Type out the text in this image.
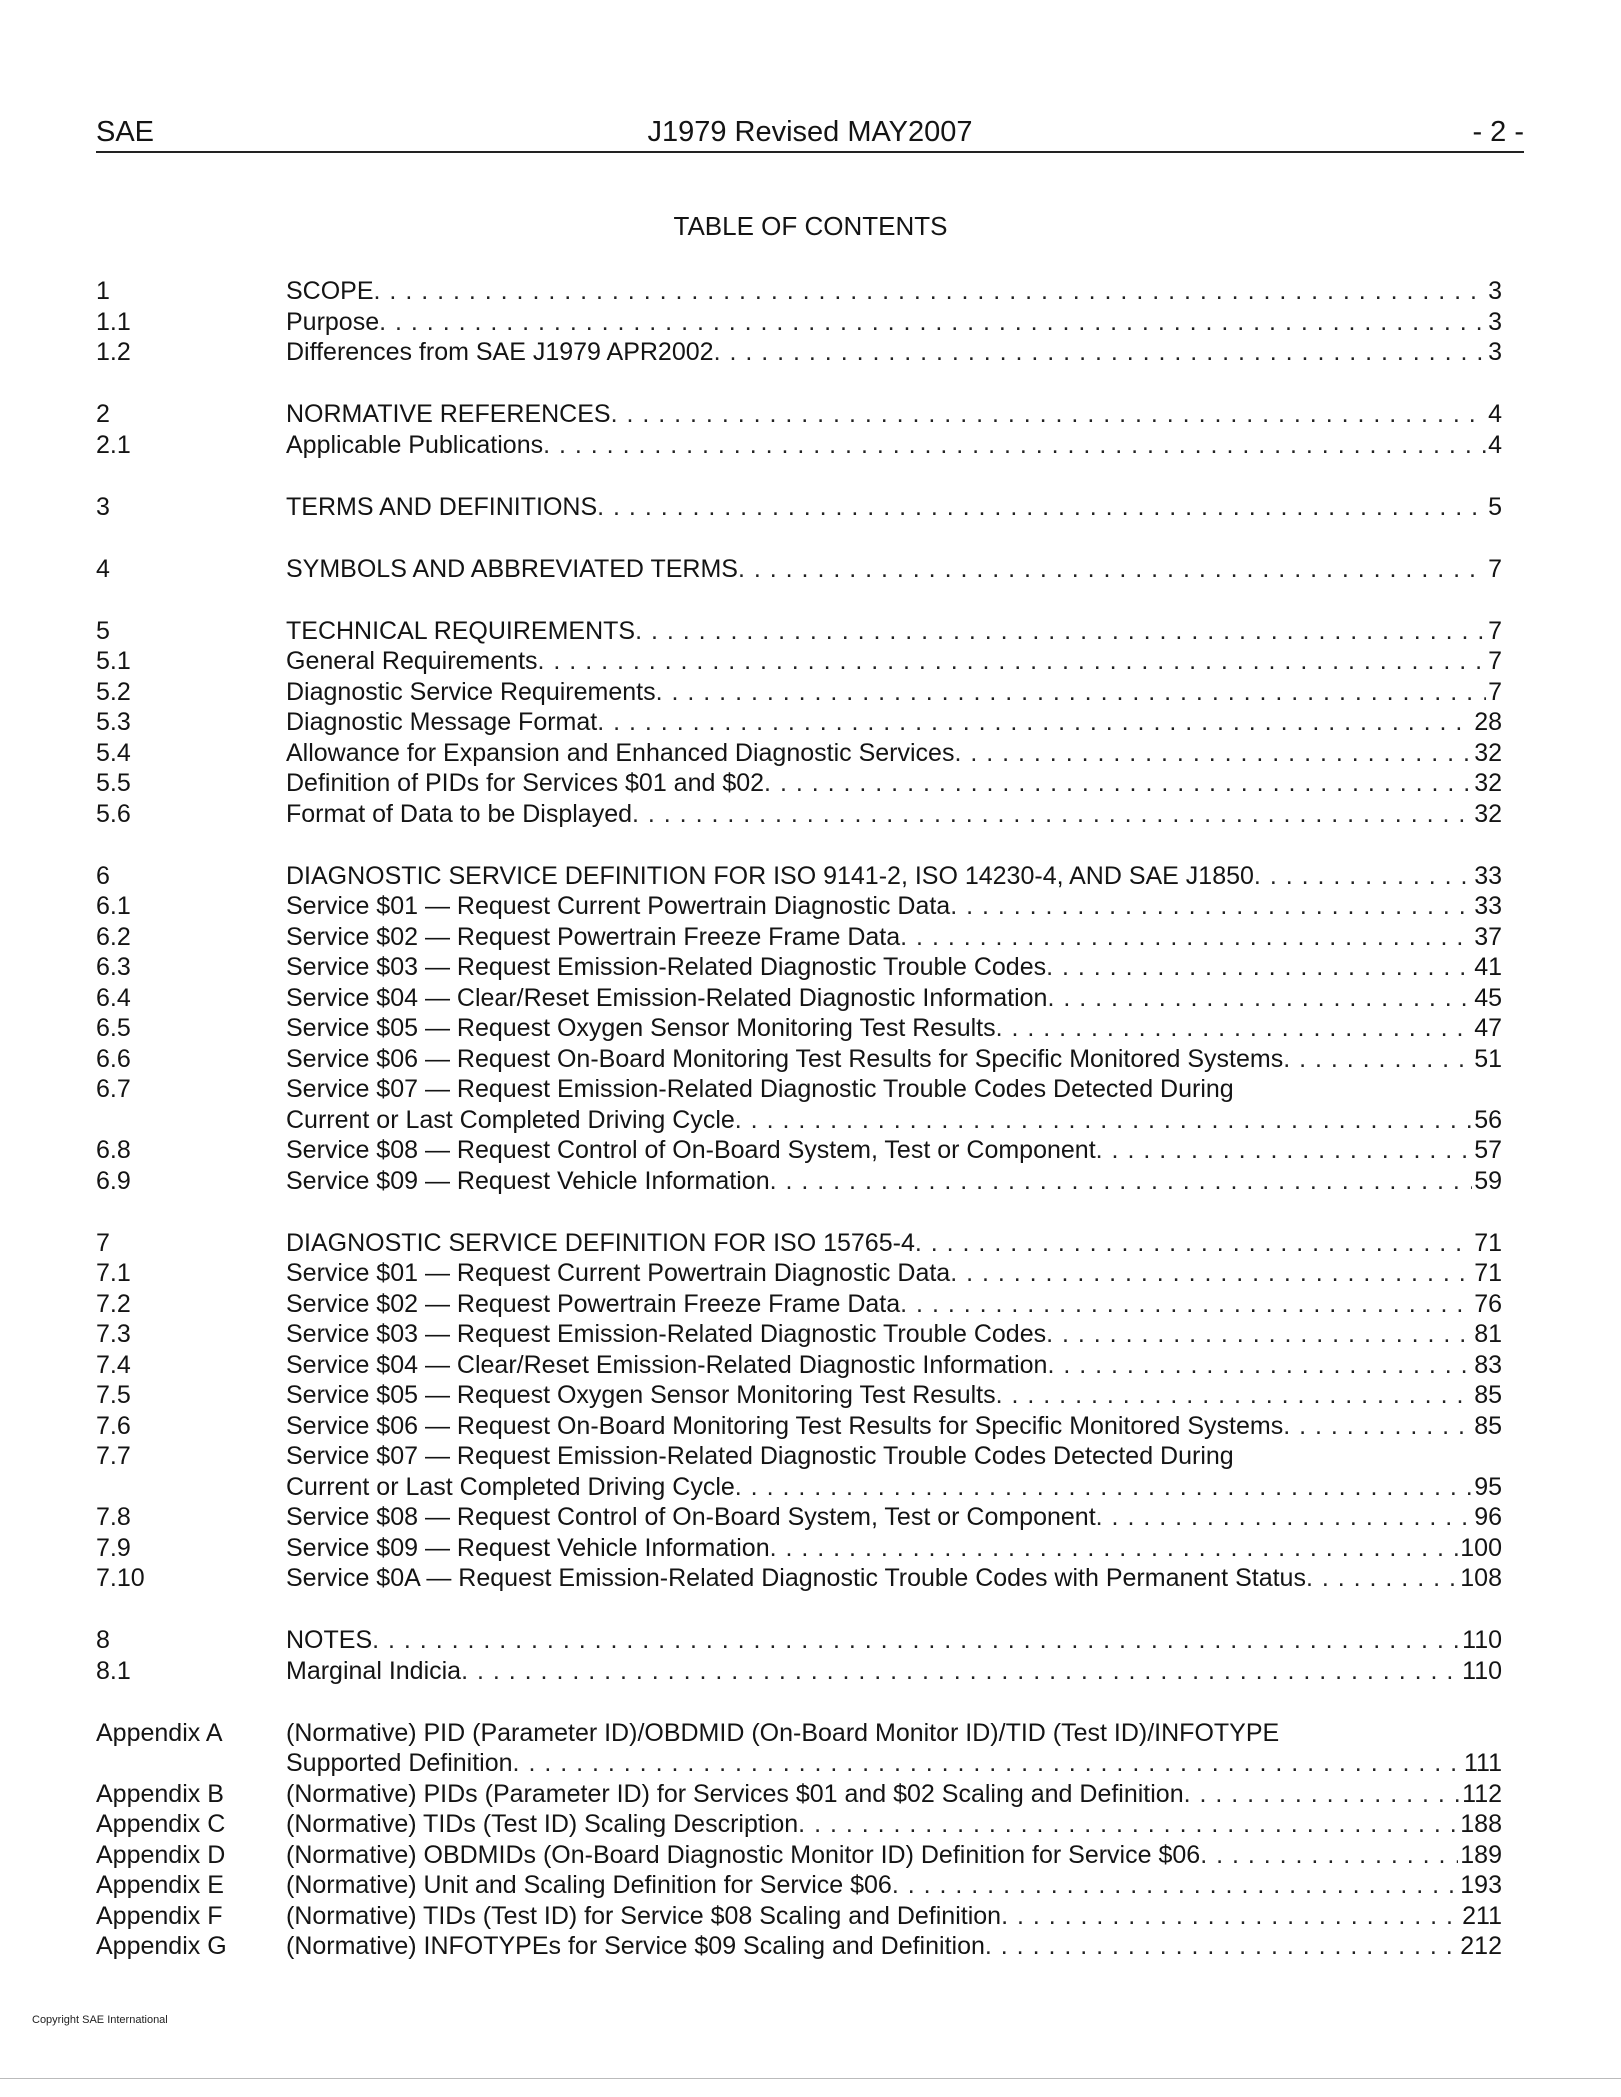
SAE	J1979 Revised MAY2007	- 2 -
TABLE OF CONTENTS
1	SCOPE . . .	3
1.1	Purpose . . .	3
1.2	Differences from SAE J1979 APR2002 . . .	3
2	NORMATIVE REFERENCES . . .	4
2.1	Applicable Publications . . .	4
3	TERMS AND DEFINITIONS . . .	5
4	SYMBOLS AND ABBREVIATED TERMS . . .	7
5	TECHNICAL REQUIREMENTS . . .	7
5.1	General Requirements . . .	7
5.2	Diagnostic Service Requirements . . .	7
5.3	Diagnostic Message Format . . .	28
5.4	Allowance for Expansion and Enhanced Diagnostic Services . . .	32
5.5	Definition of PIDs for Services $01 and $02 . . .	32
5.6	Format of Data to be Displayed . . .	32
6	DIAGNOSTIC SERVICE DEFINITION FOR ISO 9141-2, ISO 14230-4, AND SAE J1850 . . .	33
6.1	Service $01 — Request Current Powertrain Diagnostic Data . . .	33
6.2	Service $02 — Request Powertrain Freeze Frame Data . . .	37
6.3	Service $03 — Request Emission-Related Diagnostic Trouble Codes . . .	41
6.4	Service $04 — Clear/Reset Emission-Related Diagnostic Information . . .	45
6.5	Service $05 — Request Oxygen Sensor Monitoring Test Results . . .	47
6.6	Service $06 — Request On-Board Monitoring Test Results for Specific Monitored Systems . . .	51
6.7	Service $07 — Request Emission-Related Diagnostic Trouble Codes Detected During
Current or Last Completed Driving Cycle . . .	56
6.8	Service $08 — Request Control of On-Board System, Test or Component . . .	57
6.9	Service $09 — Request Vehicle Information . . .	59
7	DIAGNOSTIC SERVICE DEFINITION FOR ISO 15765-4 . . .	71
7.1	Service $01 — Request Current Powertrain Diagnostic Data . . .	71
7.2	Service $02 — Request Powertrain Freeze Frame Data . . .	76
7.3	Service $03 — Request Emission-Related Diagnostic Trouble Codes . . .	81
7.4	Service $04 — Clear/Reset Emission-Related Diagnostic Information . . .	83
7.5	Service $05 — Request Oxygen Sensor Monitoring Test Results . . .	85
7.6	Service $06 — Request On-Board Monitoring Test Results for Specific Monitored Systems . . .	85
7.7	Service $07 — Request Emission-Related Diagnostic Trouble Codes Detected During
Current or Last Completed Driving Cycle . . .	95
7.8	Service $08 — Request Control of On-Board System, Test or Component . . .	96
7.9	Service $09 — Request Vehicle Information . . .	100
7.10	Service $0A — Request Emission-Related Diagnostic Trouble Codes with Permanent Status . . .	108
8	NOTES . . .	110
8.1	Marginal Indicia . . .	110
Appendix A	(Normative) PID (Parameter ID)/OBDMID (On-Board Monitor ID)/TID (Test ID)/INFOTYPE
Supported Definition . . .	111
Appendix B	(Normative) PIDs (Parameter ID) for Services $01 and $02 Scaling and Definition . . .	112
Appendix C	(Normative) TIDs (Test ID) Scaling Description . . .	188
Appendix D	(Normative) OBDMIDs (On-Board Diagnostic Monitor ID) Definition for Service $06 . . .	189
Appendix E	(Normative) Unit and Scaling Definition for Service $06 . . .	193
Appendix F	(Normative) TIDs (Test ID) for Service $08 Scaling and Definition . . .	211
Appendix G	(Normative) INFOTYPEs for Service $09 Scaling and Definition . . .	212
Copyright SAE International
